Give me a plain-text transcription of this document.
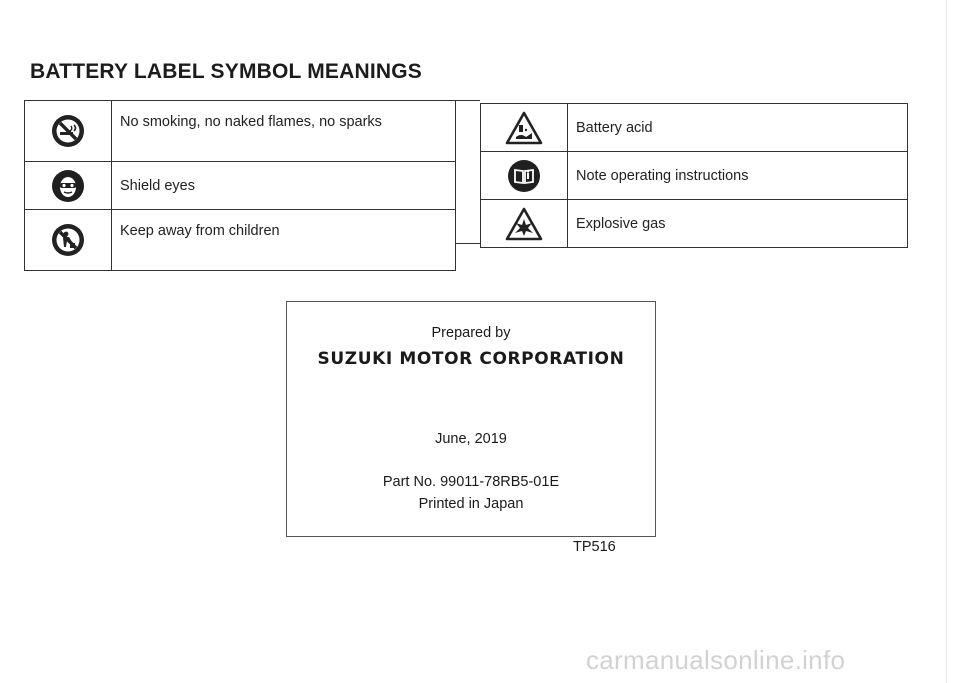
BATTERY LABEL SYMBOL MEANINGS
	No smoking, no naked flames, no sparks

	Shield eyes

	Keep away from children
	Battery acid

	Note operating instructions

	Explosive gas
Prepared by
SUZUKI MOTOR CORPORATION
June, 2019
Part No. 99011-78RB5-01E
Printed in Japan
TP516
carmanualsonline.info
